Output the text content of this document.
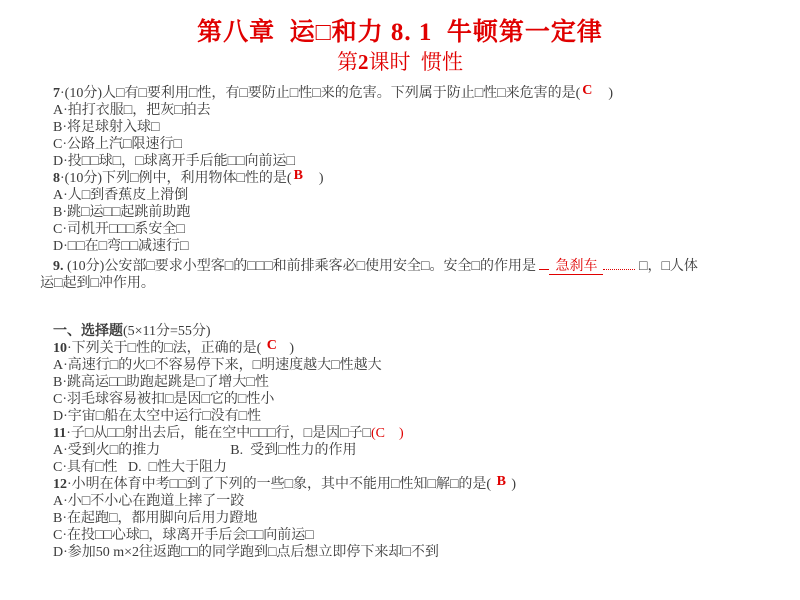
第八章  运□和力 8. 1  牛顿第一定律
第2课时  惯性
7·(10分)人□有□要利用□性，有□要防止□性□来的危害。下列属于防止□性□来危害的是( C    )
A·拍打衣服□，把灰□拍去
B·将足球射入球□
C·公路上汽□限速行□
D·投□□球□，□球离开手后能□□向前运□
8·(10分)下列□例中，利用物体□性的是( B    )
A·人□到香蕉皮上滑倒
B·跳□运□□起跳前助跑
C·司机开□□□系安全□
D·□□在□弯□□减速行□
9. (10分)公安部□要求小型客□的□□□和前排乘客必□使用安全□。安全□的作用是 急刹车	□，□人体
运□起到□冲作用。
一、选择题(5×11分=55分)
10·下列关于□性的□法，正确的是( C   )
A·高速行□的火□不容易停下来，□明速度越大□性越大
B·跳高运□□助跑起跳是□了增大□性
C·羽毛球容易被扣□是因□它的□性小
D·宇宙□船在太空中运行□没有□性
11·子□从□□射出去后，能在空中□□□行，□是因□子□(C    )
A·受到火□的推力                    B.  受到□性力的作用
C·具有□性   D.  □性大于阻力
12·小明在体育中考□□到了下列的一些□象，其中不能用□性知□解□的是( B )
A·小□不小心在跑道上摔了一跤
B·在起跑□，都用脚向后用力蹬地
C·在投□□心球□，球离开手后会□□向前运□
D·参加50 m×2往返跑□□的同学跑到□点后想立即停下来却□不到
